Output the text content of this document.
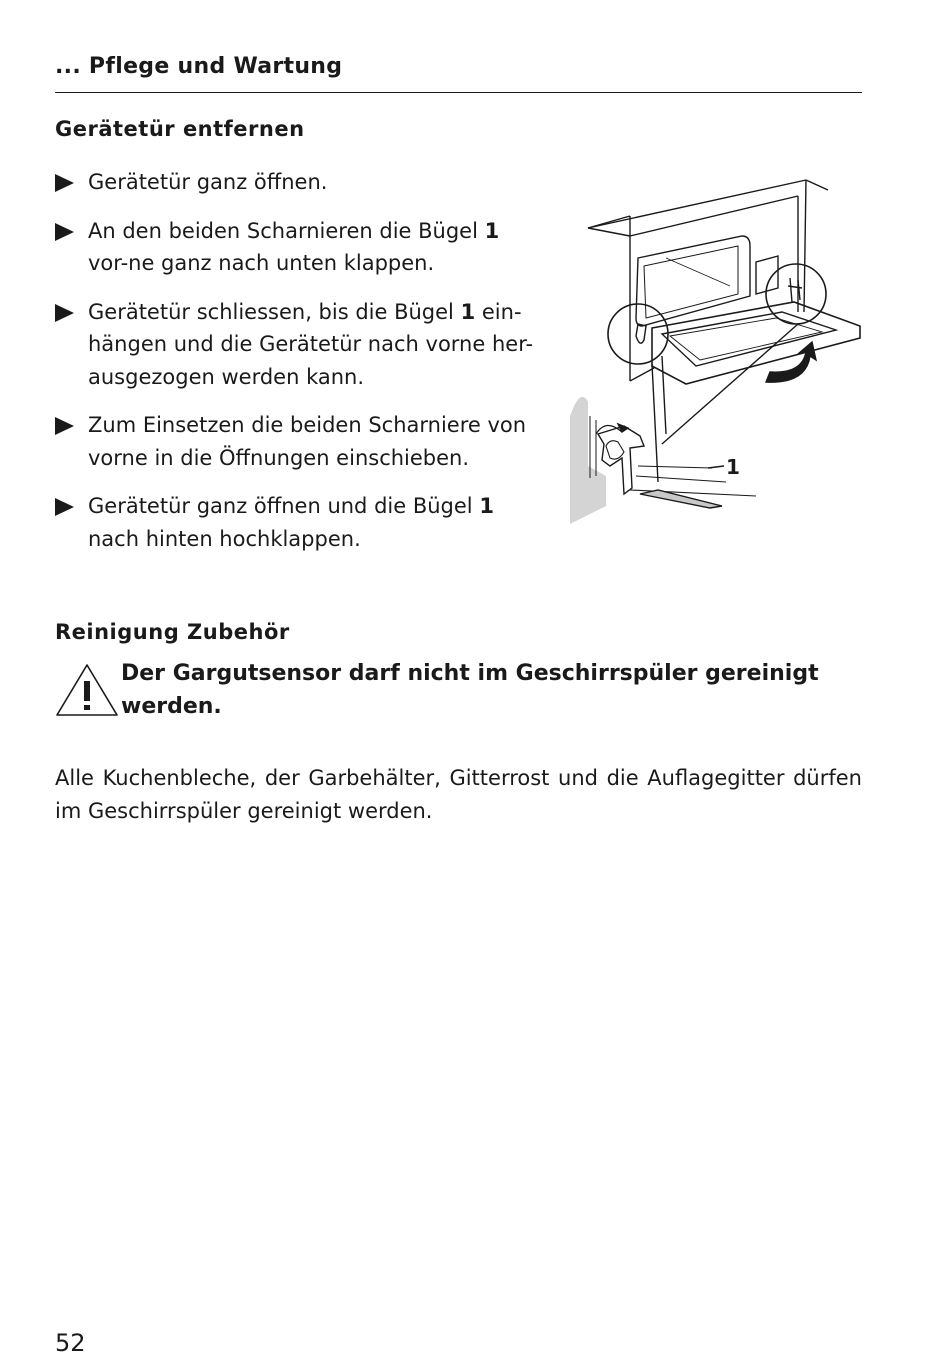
... Pflege und Wartung
Gerätetür entfernen
Gerätetür ganz öffnen.
An den beiden Scharnieren die Bügel 1 vor-ne ganz nach unten klappen.
Gerätetür schliessen, bis die Bügel 1 ein-hängen und die Gerätetür nach vorne her-ausgezogen werden kann.
Zum Einsetzen die beiden Scharniere von vorne in die Öffnungen einschieben.
Gerätetür ganz öffnen und die Bügel 1 nach hinten hochklappen.
1
Reinigung Zubehör
Der Gargutsensor darf nicht im Geschirrspüler gereinigt werden.
Alle Kuchenbleche, der Garbehälter, Gitterrost und die Auflagegitter dürfen im Geschirrspüler gereinigt werden.
52
